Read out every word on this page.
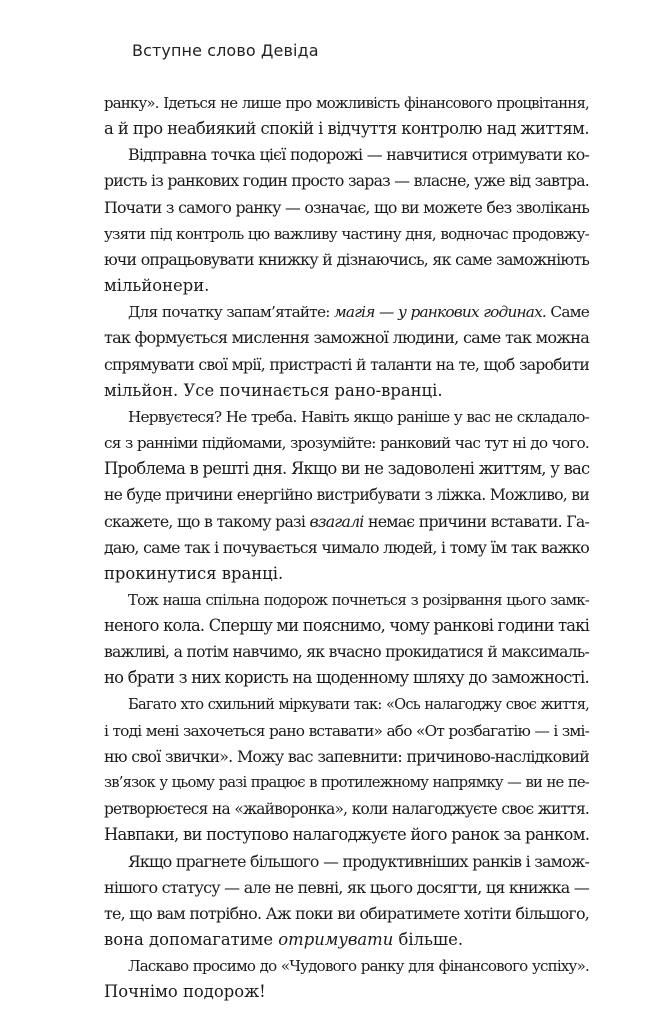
Вступне слово Девіда
ранку». Ідеться не лише про можливість фінансового процвітання,
а й про неабиякий спокій і відчуття контролю над життям.
Відправна точка цієї подорожі — навчитися отримувати ко-
ристь із ранкових годин просто зараз — власне, уже від завтра.
Почати з самого ранку — означає, що ви можете без зволікань
узяти під контроль цю важливу частину дня, водночас продовжу-
ючи опрацьовувати книжку й дізнаючись, як саме заможніють
мільйонери.
Для початку запам’ятайте: магія — у ранкових годинах. Саме
так формується мислення заможної людини, саме так можна
спрямувати свої мрії, пристрасті й таланти на те, щоб заробити
мільйон. Усе починається рано-вранці.
Нервуєтеся? Не треба. Навіть якщо раніше у вас не складало-
ся з ранніми підйомами, зрозумійте: ранковий час тут ні до чого.
Проблема в решті дня. Якщо ви не задоволені життям, у вас
не буде причини енергійно вистрибувати з ліжка. Можливо, ви
скажете, що в такому разі взагалі немає причини вставати. Га-
даю, саме так і почувається чимало людей, і тому їм так важко
прокинутися вранці.
Тож наша спільна подорож почнеться з розірвання цього замк-
неного кола. Спершу ми пояснимо, чому ранкові години такі
важливі, а потім навчимо, як вчасно прокидатися й максималь-
но брати з них користь на щоденному шляху до заможності.
Багато хто схильний міркувати так: «Ось налагоджу своє життя,
і тоді мені захочеться рано вставати» або «От розбагатію — і змі-
ню свої звички». Можу вас запевнити: причиново-наслідковий
зв’язок у цьому разі працює в протилежному напрямку — ви не пе-
ретворюєтеся на «жайворонка», коли налагоджуєте своє життя.
Навпаки, ви поступово налагоджуєте його ранок за ранком.
Якщо прагнете більшого — продуктивніших ранків і замож-
нішого статусу — але не певні, як цього досягти, ця книжка —
те, що вам потрібно. Аж поки ви обиратимете хотіти більшого,
вона допомагатиме отримувати більше.
Ласкаво просимо до «Чудового ранку для фінансового успіху».
Почнімо подорож!
